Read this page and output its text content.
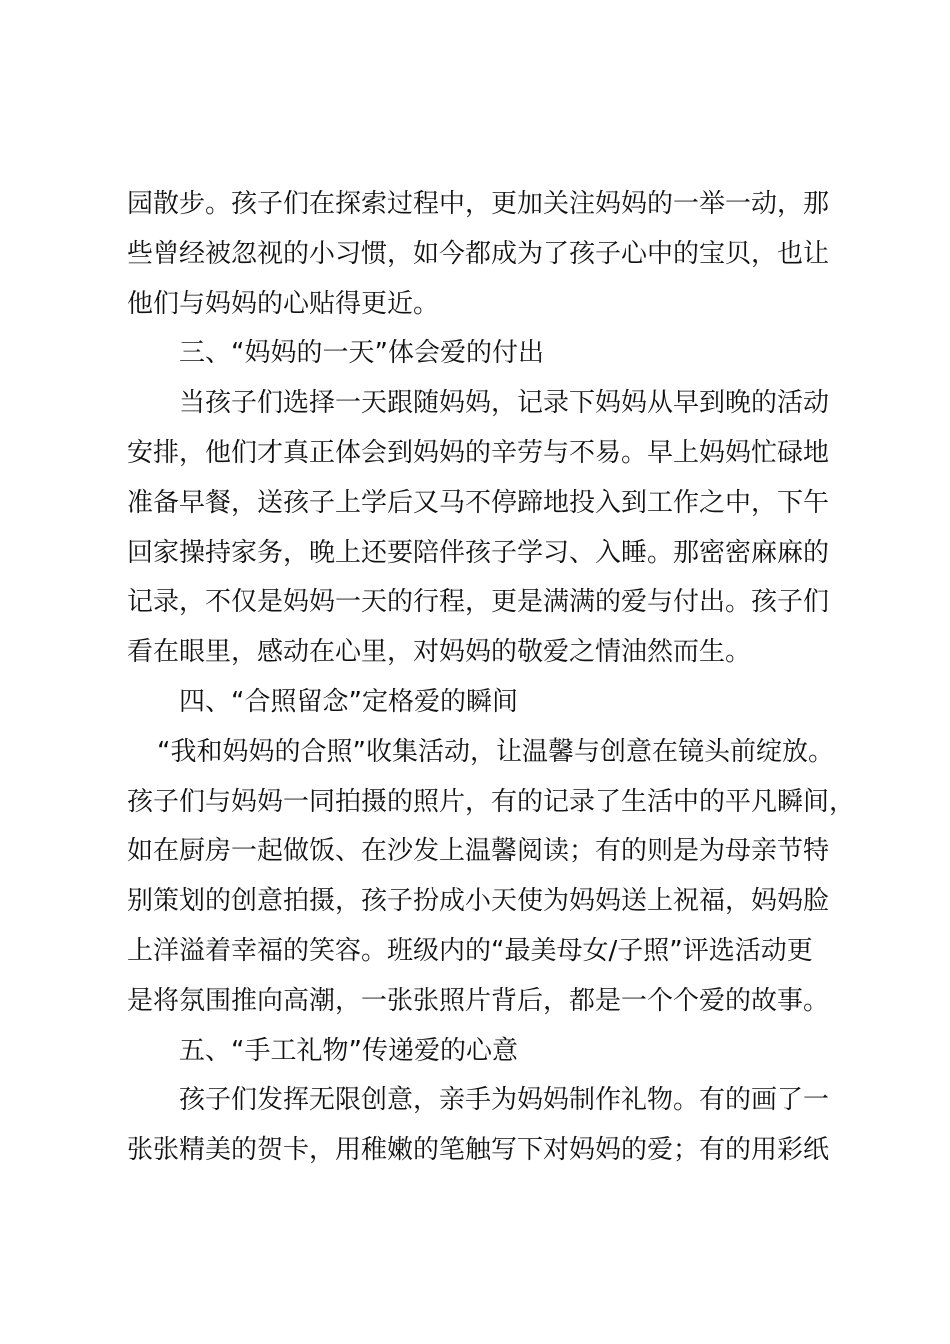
园散步。孩子们在探索过程中，更加关注妈妈的一举一动，那
些曾经被忽视的小习惯，如今都成为了孩子心中的宝贝，也让
他们与妈妈的心贴得更近。
三、“妈妈的一天”体会爱的付出
当孩子们选择一天跟随妈妈，记录下妈妈从早到晚的活动
安排，他们才真正体会到妈妈的辛劳与不易。早上妈妈忙碌地
准备早餐，送孩子上学后又马不停蹄地投入到工作之中，下午
回家操持家务，晚上还要陪伴孩子学习、入睡。那密密麻麻的
记录，不仅是妈妈一天的行程，更是满满的爱与付出。孩子们
看在眼里，感动在心里，对妈妈的敬爱之情油然而生。
四、“合照留念”定格爱的瞬间
“我和妈妈的合照”收集活动，让温馨与创意在镜头前绽放。
孩子们与妈妈一同拍摄的照片，有的记录了生活中的平凡瞬间，
如在厨房一起做饭、在沙发上温馨阅读；有的则是为母亲节特
别策划的创意拍摄，孩子扮成小天使为妈妈送上祝福，妈妈脸
上洋溢着幸福的笑容。班级内的“最美母女/子照”评选活动更
是将氛围推向高潮，一张张照片背后，都是一个个爱的故事。
五、“手工礼物”传递爱的心意
孩子们发挥无限创意，亲手为妈妈制作礼物。有的画了一
张张精美的贺卡，用稚嫩的笔触写下对妈妈的爱；有的用彩纸
